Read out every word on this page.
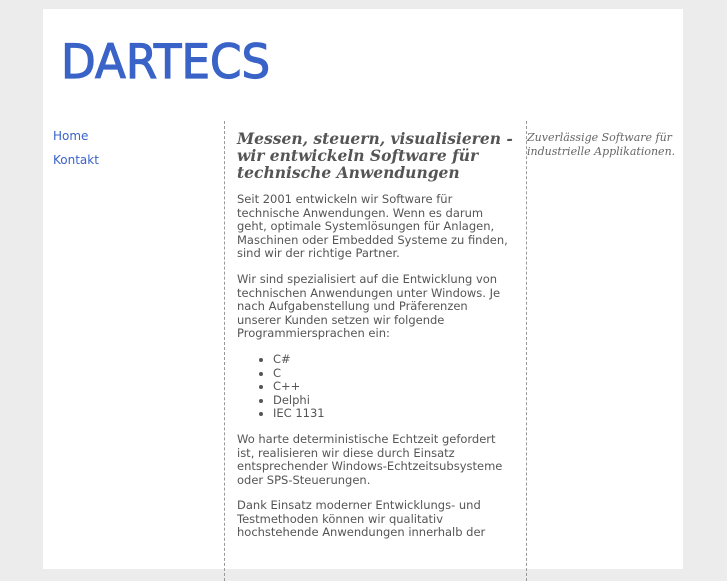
DARTECS
Home
Kontakt
Messen, steuern, visualisieren - wir entwickeln Software für technische Anwendungen

Seit 2001 entwickeln wir Software für technische Anwendungen. Wenn es darum geht, optimale Systemlösungen für Anlagen, Maschinen oder Embedded Systeme zu finden, sind wir der richtige Partner.

Wir sind spezialisiert auf die Entwicklung von technischen Anwendungen unter Windows. Je nach Aufgabenstellung und Präferenzen unserer Kunden setzen wir folgende Programmiersprachen ein:

• C#
• C
• C++
• Delphi
• IEC 1131

Wo harte deterministische Echtzeit gefordert ist, realisieren wir diese durch Einsatz entsprechender Windows-Echtzeitsubsysteme oder SPS-Steuerungen.

Dank Einsatz moderner Entwicklungs- und Testmethoden können wir qualitativ hochstehende Anwendungen innerhalb der

Zuverlässige Software für industrielle Applikationen.
